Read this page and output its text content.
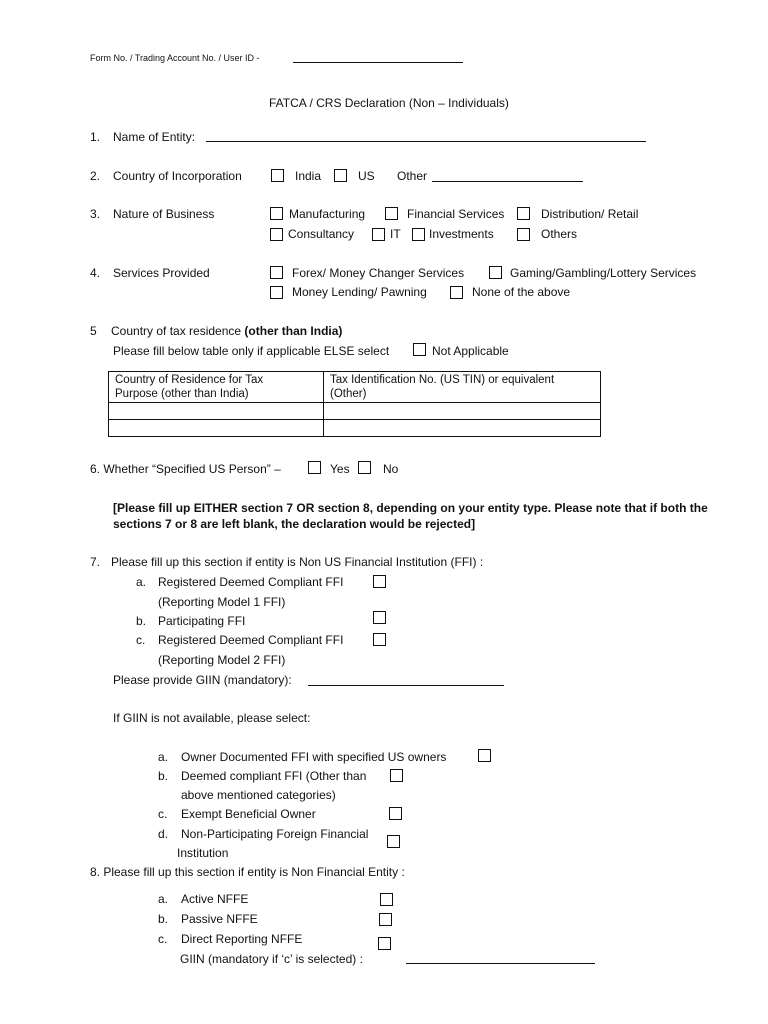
Form No. / Trading Account No. / User ID -
FATCA / CRS Declaration (Non – Individuals)
1. Name of Entity:
2. Country of Incorporation	India	US Other
3. Nature of Business	Manufacturing	Financial Services	Distribution/ Retail
Consultancy	IT Investments	Others
4. Services Provided	Forex/ Money Changer Services	Gaming/Gambling/Lottery Services
Money Lending/ Pawning	None of the above
5 Country of tax residence (other than India)
Please fill below table only if applicable ELSE select	Not Applicable
Country of Residence for Tax
Purpose (other than India)	Tax Identification No. (US TIN) or equivalent
(Other)

6. Whether “Specified US Person” –	Yes	No
[Please fill up EITHER section 7 OR section 8, depending on your entity type. Please note that if both the
sections 7 or 8 are left blank, the declaration would be rejected]
7. Please fill up this section if entity is Non US Financial Institution (FFI) :
a. Registered Deemed Compliant FFI
(Reporting Model 1 FFI)
b. Participating FFI
c. Registered Deemed Compliant FFI
(Reporting Model 2 FFI)
Please provide GIIN (mandatory):
If GIIN is not available, please select:
a. Owner Documented FFI with specified US owners
b. Deemed compliant FFI (Other than
above mentioned categories)
c. Exempt Beneficial Owner
d. Non-Participating Foreign Financial
Institution
8. Please fill up this section if entity is Non Financial Entity :
a. Active NFFE
b. Passive NFFE
c. Direct Reporting NFFE
GIIN (mandatory if ‘c’ is selected) :
